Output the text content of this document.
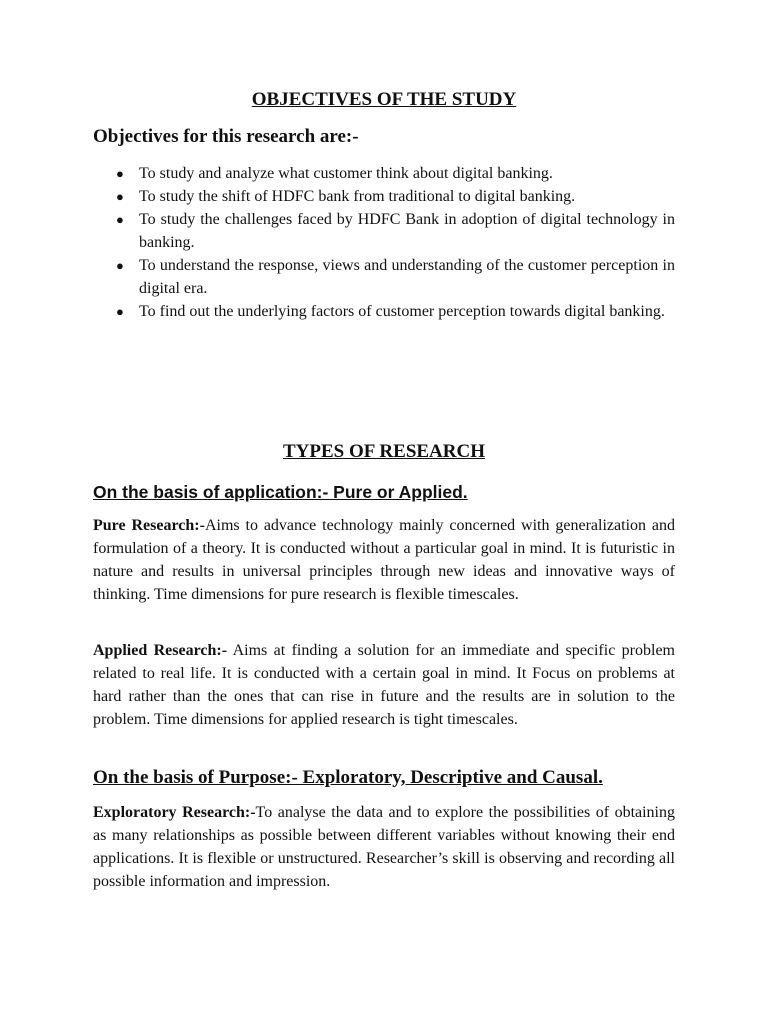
OBJECTIVES OF THE STUDY
Objectives for this research are:-
● To study and analyze what customer think about digital banking.
● To study the shift of HDFC bank from traditional to digital banking.
● To study the challenges faced by HDFC Bank in adoption of digital technology in banking.
● To understand the response, views and understanding of the customer perception in digital era.
● To find out the underlying factors of customer perception towards digital banking.
TYPES OF RESEARCH
On the basis of application:- Pure or Applied.

Pure Research:-Aims to advance technology mainly concerned with generalization and formulation of a theory. It is conducted without a particular goal in mind. It is futuristic in nature and results in universal principles through new ideas and innovative ways of thinking. Time dimensions for pure research is flexible timescales.

Applied Research:- Aims at finding a solution for an immediate and specific problem related to real life. It is conducted with a certain goal in mind. It Focus on problems at hard rather than the ones that can rise in future and the results are in solution to the problem. Time dimensions for applied research is tight timescales.

On the basis of Purpose:- Exploratory, Descriptive and Causal.

Exploratory Research:-To analyse the data and to explore the possibilities of obtaining as many relationships as possible between different variables without knowing their end applications. It is flexible or unstructured. Researcher’s skill is observing and recording all possible information and impression.
